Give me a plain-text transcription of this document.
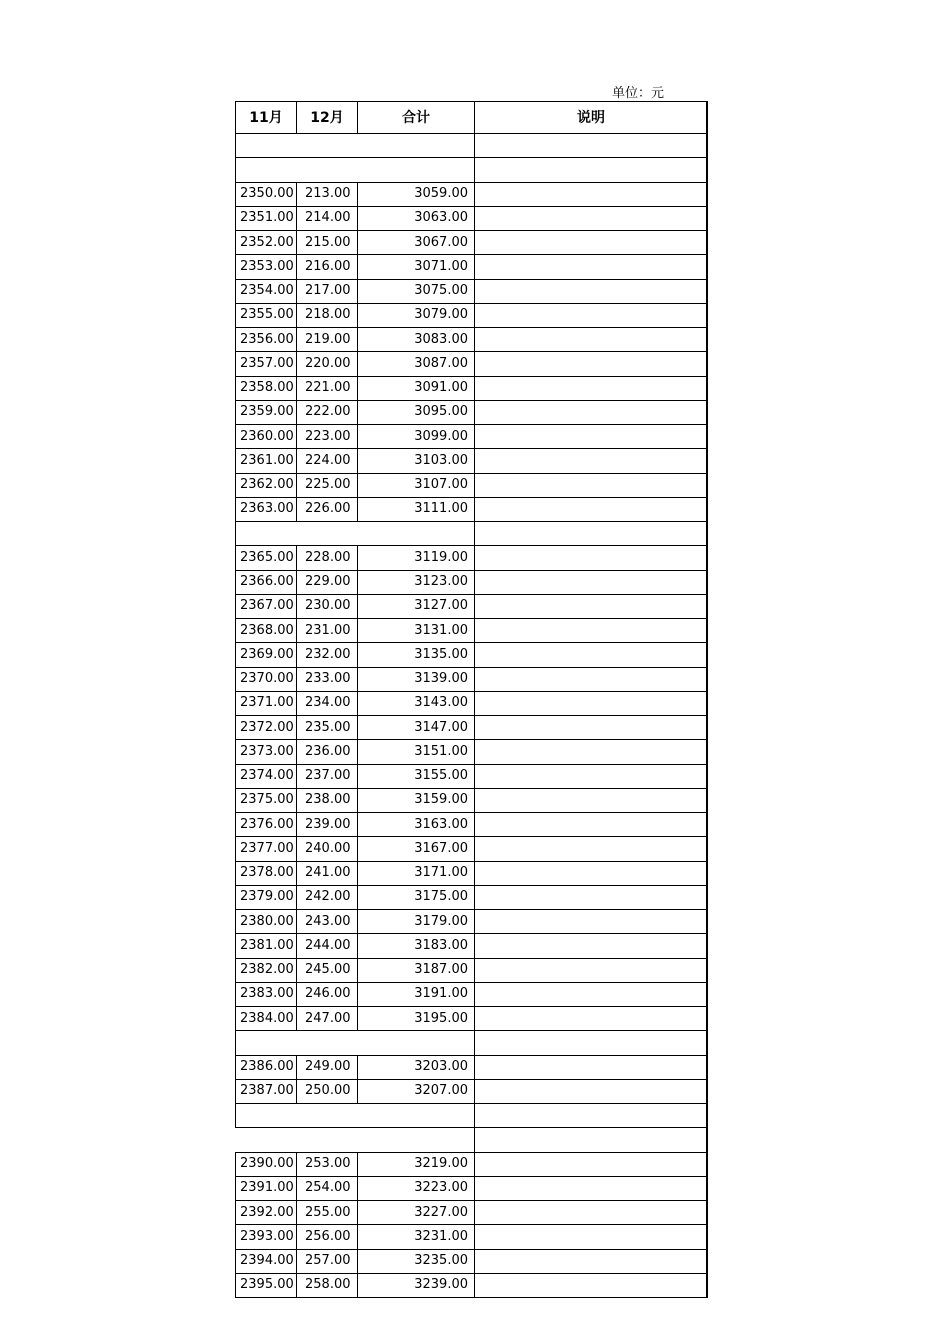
单位：元
11月	12月	合计	说明

2350.00	213.00	3059.00	
2351.00	214.00	3063.00	
2352.00	215.00	3067.00	
2353.00	216.00	3071.00	
2354.00	217.00	3075.00	
2355.00	218.00	3079.00	
2356.00	219.00	3083.00	
2357.00	220.00	3087.00	
2358.00	221.00	3091.00	
2359.00	222.00	3095.00	
2360.00	223.00	3099.00	
2361.00	224.00	3103.00	
2362.00	225.00	3107.00	
2363.00	226.00	3111.00	

2365.00	228.00	3119.00	
2366.00	229.00	3123.00	
2367.00	230.00	3127.00	
2368.00	231.00	3131.00	
2369.00	232.00	3135.00	
2370.00	233.00	3139.00	
2371.00	234.00	3143.00	
2372.00	235.00	3147.00	
2373.00	236.00	3151.00	
2374.00	237.00	3155.00	
2375.00	238.00	3159.00	
2376.00	239.00	3163.00	
2377.00	240.00	3167.00	
2378.00	241.00	3171.00	
2379.00	242.00	3175.00	
2380.00	243.00	3179.00	
2381.00	244.00	3183.00	
2382.00	245.00	3187.00	
2383.00	246.00	3191.00	
2384.00	247.00	3195.00	

2386.00	249.00	3203.00	
2387.00	250.00	3207.00	

2390.00	253.00	3219.00	
2391.00	254.00	3223.00	
2392.00	255.00	3227.00	
2393.00	256.00	3231.00	
2394.00	257.00	3235.00	
2395.00	258.00	3239.00	
